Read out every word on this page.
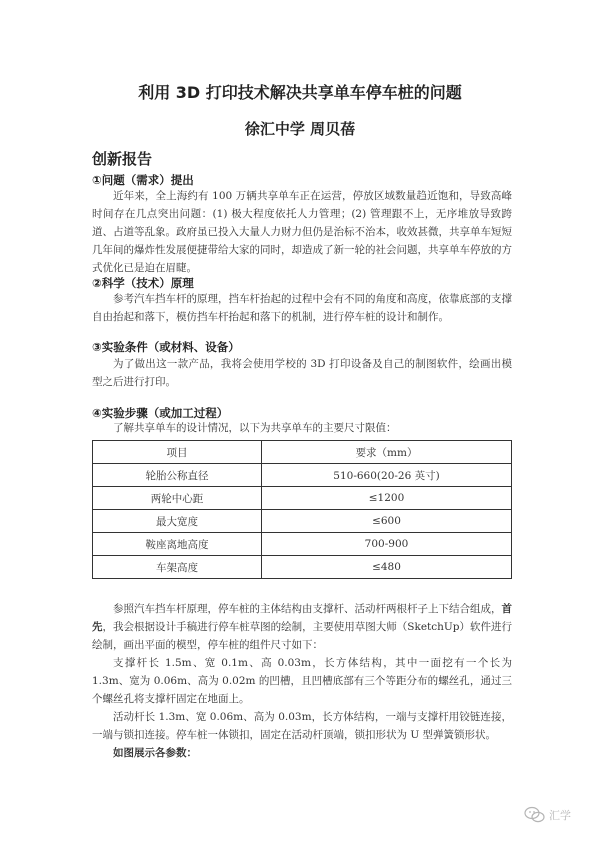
利用 3D 打印技术解决共享单车停车桩的问题
徐汇中学 周贝蓓
创新报告
①问题（需求）提出

近年来，全上海约有 100 万辆共享单车正在运营，停放区域数量趋近饱和，导致高峰时间存在几点突出问题：(1) 极大程度依托人力管理；(2) 管理跟不上，无序堆放导致跨道、占道等乱象。政府虽已投入大量人力财力但仍是治标不治本，收效甚微，共享单车短短几年间的爆炸性发展便捷带给大家的同时，却造成了新一轮的社会问题，共享单车停放的方式优化已是迫在眉睫。

②科学（技术）原理

参考汽车挡车杆的原理，挡车杆抬起的过程中会有不同的角度和高度，依靠底部的支撑自由抬起和落下，模仿挡车杆抬起和落下的机制，进行停车桩的设计和制作。

③实验条件（或材料、设备）

为了做出这一款产品，我将会使用学校的 3D 打印设备及自己的制图软件，绘画出模型之后进行打印。

④实验步骤（或加工过程）

了解共享单车的设计情况，以下为共享单车的主要尺寸限值：

项目	要求（mm）
轮胎公称直径	510-660(20-26 英寸)
两轮中心距	≤1200
最大宽度	≤600
鞍座离地高度	700-900
车架高度	≤480

参照汽车挡车杆原理，停车桩的主体结构由支撑杆、活动杆两根杆子上下结合组成，首先，我会根据设计手稿进行停车桩草图的绘制，主要使用草图大师（SketchUp）软件进行绘制，画出平面的模型，停车桩的组件尺寸如下：

支撑杆长 1.5m、宽 0.1m、高 0.03m，长方体结构，其中一面挖有一个长为 1.3m、宽为 0.06m、高为 0.02m 的凹槽，且凹槽底部有三个等距分布的螺丝孔，通过三个螺丝孔将支撑杆固定在地面上。

活动杆长 1.3m、宽 0.06m、高为 0.03m，长方体结构，一端与支撑杆用铰链连接，一端与锁扣连接。停车桩一体锁扣，固定在活动杆顶端，锁扣形状为 U 型弹簧锁形状。

如图展示各参数：

汇学
